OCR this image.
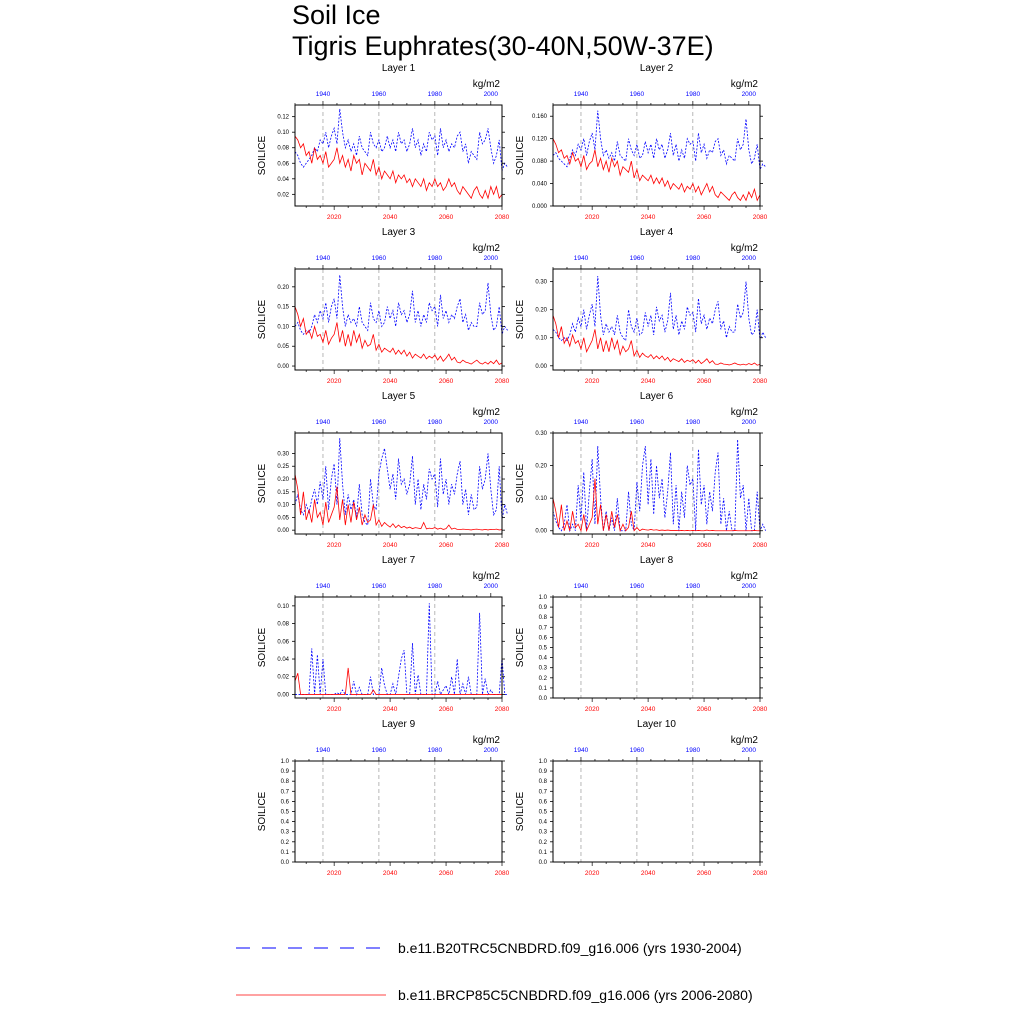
Soil Ice
Tigris Euphrates(30-40N,50W-37E)
Layer 1
kg/m2
SOILICE
0.02
0.04
0.06
0.08
0.10
0.12
2020	2040	2060	2080
1940	1960	1980	2000
Layer 2
kg/m2
SOILICE
0.000
0.040
0.080
0.120
0.160
2020	2040	2060	2080
1940	1960	1980	2000
Layer 3
kg/m2
SOILICE
0.00
0.05
0.10
0.15
0.20
2020	2040	2060	2080
1940	1960	1980	2000
Layer 4
kg/m2
SOILICE
0.00
0.10
0.20
0.30
2020	2040	2060	2080
1940	1960	1980	2000
Layer 5
kg/m2
SOILICE
0.00
0.05
0.10
0.15
0.20
0.25
0.30
2020	2040	2060	2080
1940	1960	1980	2000
Layer 6
kg/m2
SOILICE
0.00
0.10
0.20
0.30
2020	2040	2060	2080
1940	1960	1980	2000
Layer 7
kg/m2
SOILICE
0.00
0.02
0.04
0.06
0.08
0.10
2020	2040	2060	2080
1940	1960	1980	2000
Layer 8
kg/m2
SOILICE
0.0
0.1
0.2
0.3
0.4
0.5
0.6
0.7
0.8
0.9
1.0
2020	2040	2060	2080
1940	1960	1980	2000
Layer 9
kg/m2
SOILICE
0.0
0.1
0.2
0.3
0.4
0.5
0.6
0.7
0.8
0.9
1.0
2020	2040	2060	2080
1940	1960	1980	2000
Layer 10
kg/m2
SOILICE
0.0
0.1
0.2
0.3
0.4
0.5
0.6
0.7
0.8
0.9
1.0
2020	2040	2060	2080
1940	1960	1980	2000
b.e11.B20TRC5CNBDRD.f09_g16.006 (yrs 1930-2004)
b.e11.BRCP85C5CNBDRD.f09_g16.006 (yrs 2006-2080)
